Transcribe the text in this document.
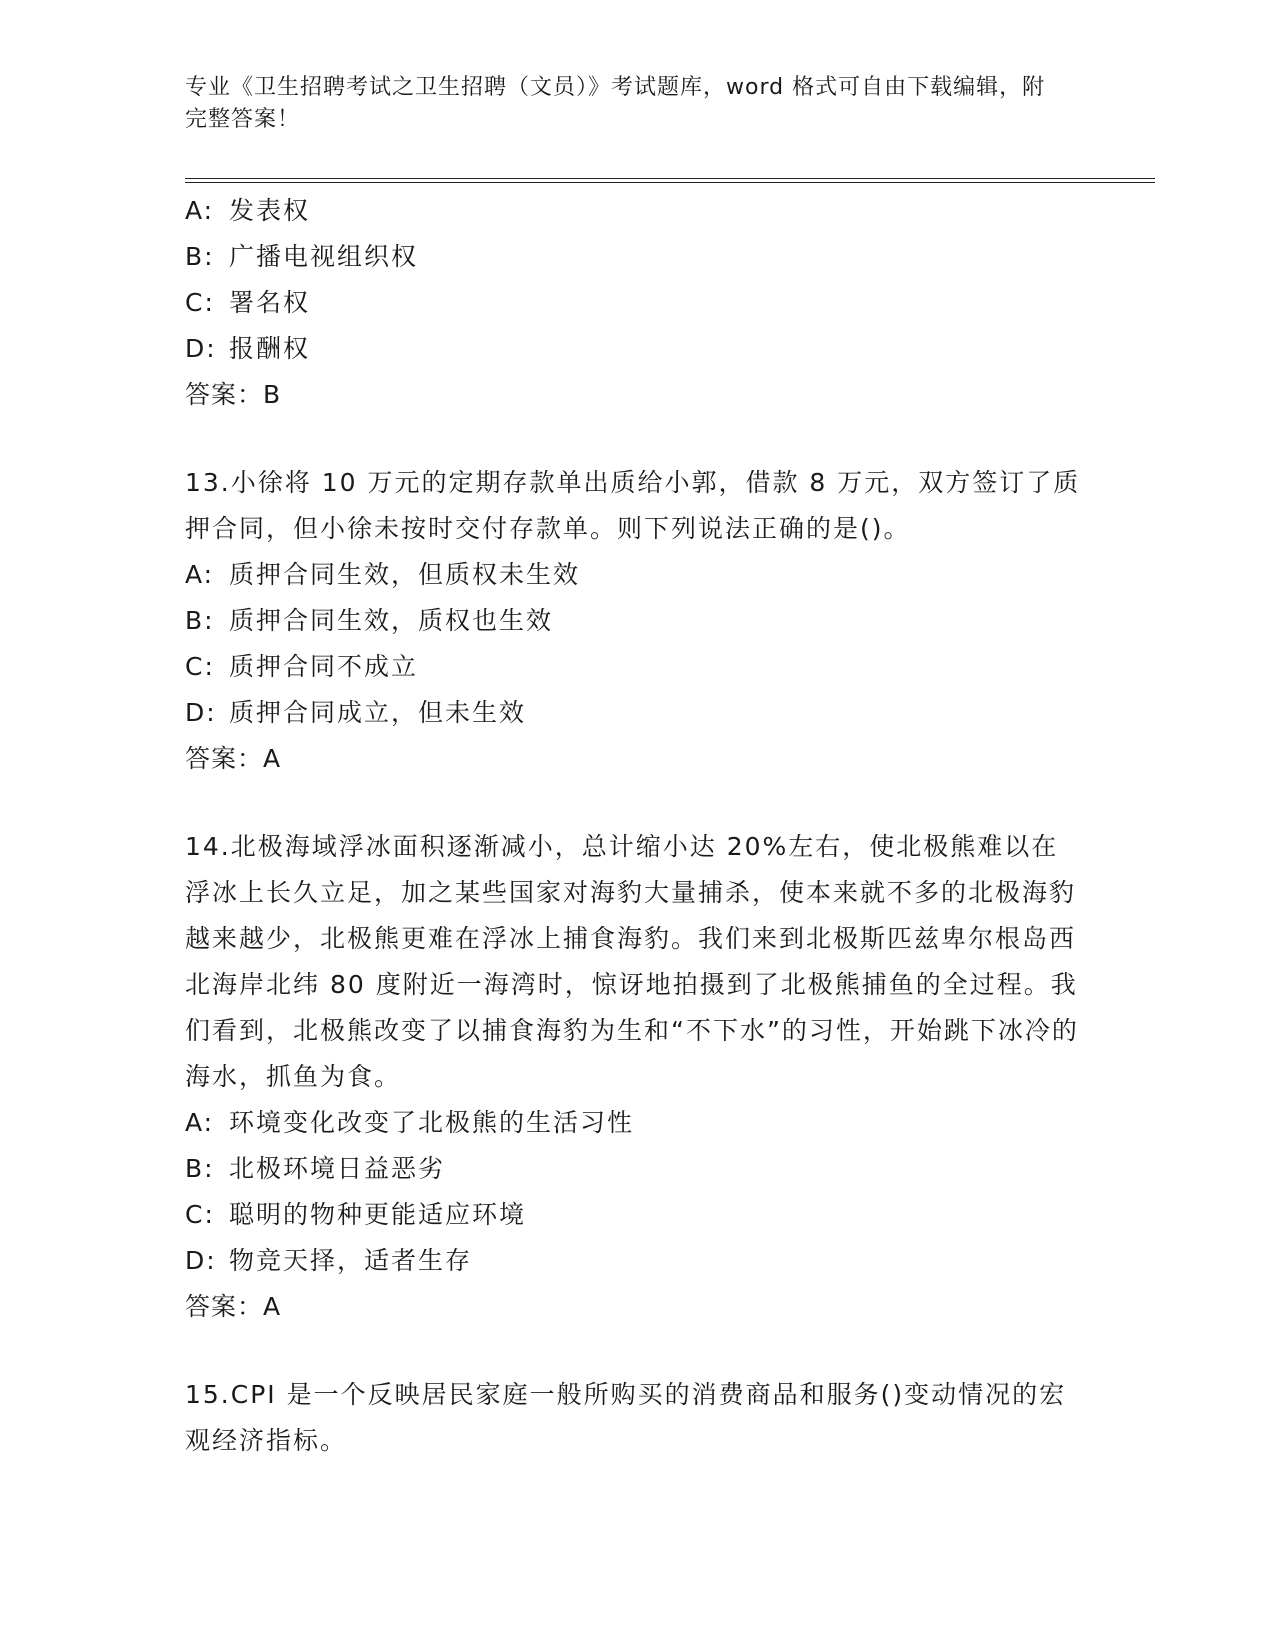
专业《卫生招聘考试之卫生招聘（文员）》考试题库，word 格式可自由下载编辑，附完整答案！

A: 发表权

B: 广播电视组织权

C: 署名权

D: 报酬权

答案：B

13.小徐将 10 万元的定期存款单出质给小郭，借款 8 万元，双方签订了质押合同，但小徐未按时交付存款单。则下列说法正确的是()。

A: 质押合同生效，但质权未生效

B: 质押合同生效，质权也生效

C: 质押合同不成立

D: 质押合同成立，但未生效

答案：A

14.北极海域浮冰面积逐渐减小，总计缩小达 20%左右，使北极熊难以在浮冰上长久立足，加之某些国家对海豹大量捕杀，使本来就不多的北极海豹越来越少，北极熊更难在浮冰上捕食海豹。我们来到北极斯匹兹卑尔根岛西北海岸北纬 80 度附近一海湾时，惊讶地拍摄到了北极熊捕鱼的全过程。我们看到，北极熊改变了以捕食海豹为生和“不下水”的习性，开始跳下冰冷的海水，抓鱼为食。

A: 环境变化改变了北极熊的生活习性

B: 北极环境日益恶劣

C: 聪明的物种更能适应环境

D: 物竞天择，适者生存

答案：A

15.CPI 是一个反映居民家庭一般所购买的消费商品和服务()变动情况的宏观经济指标。
